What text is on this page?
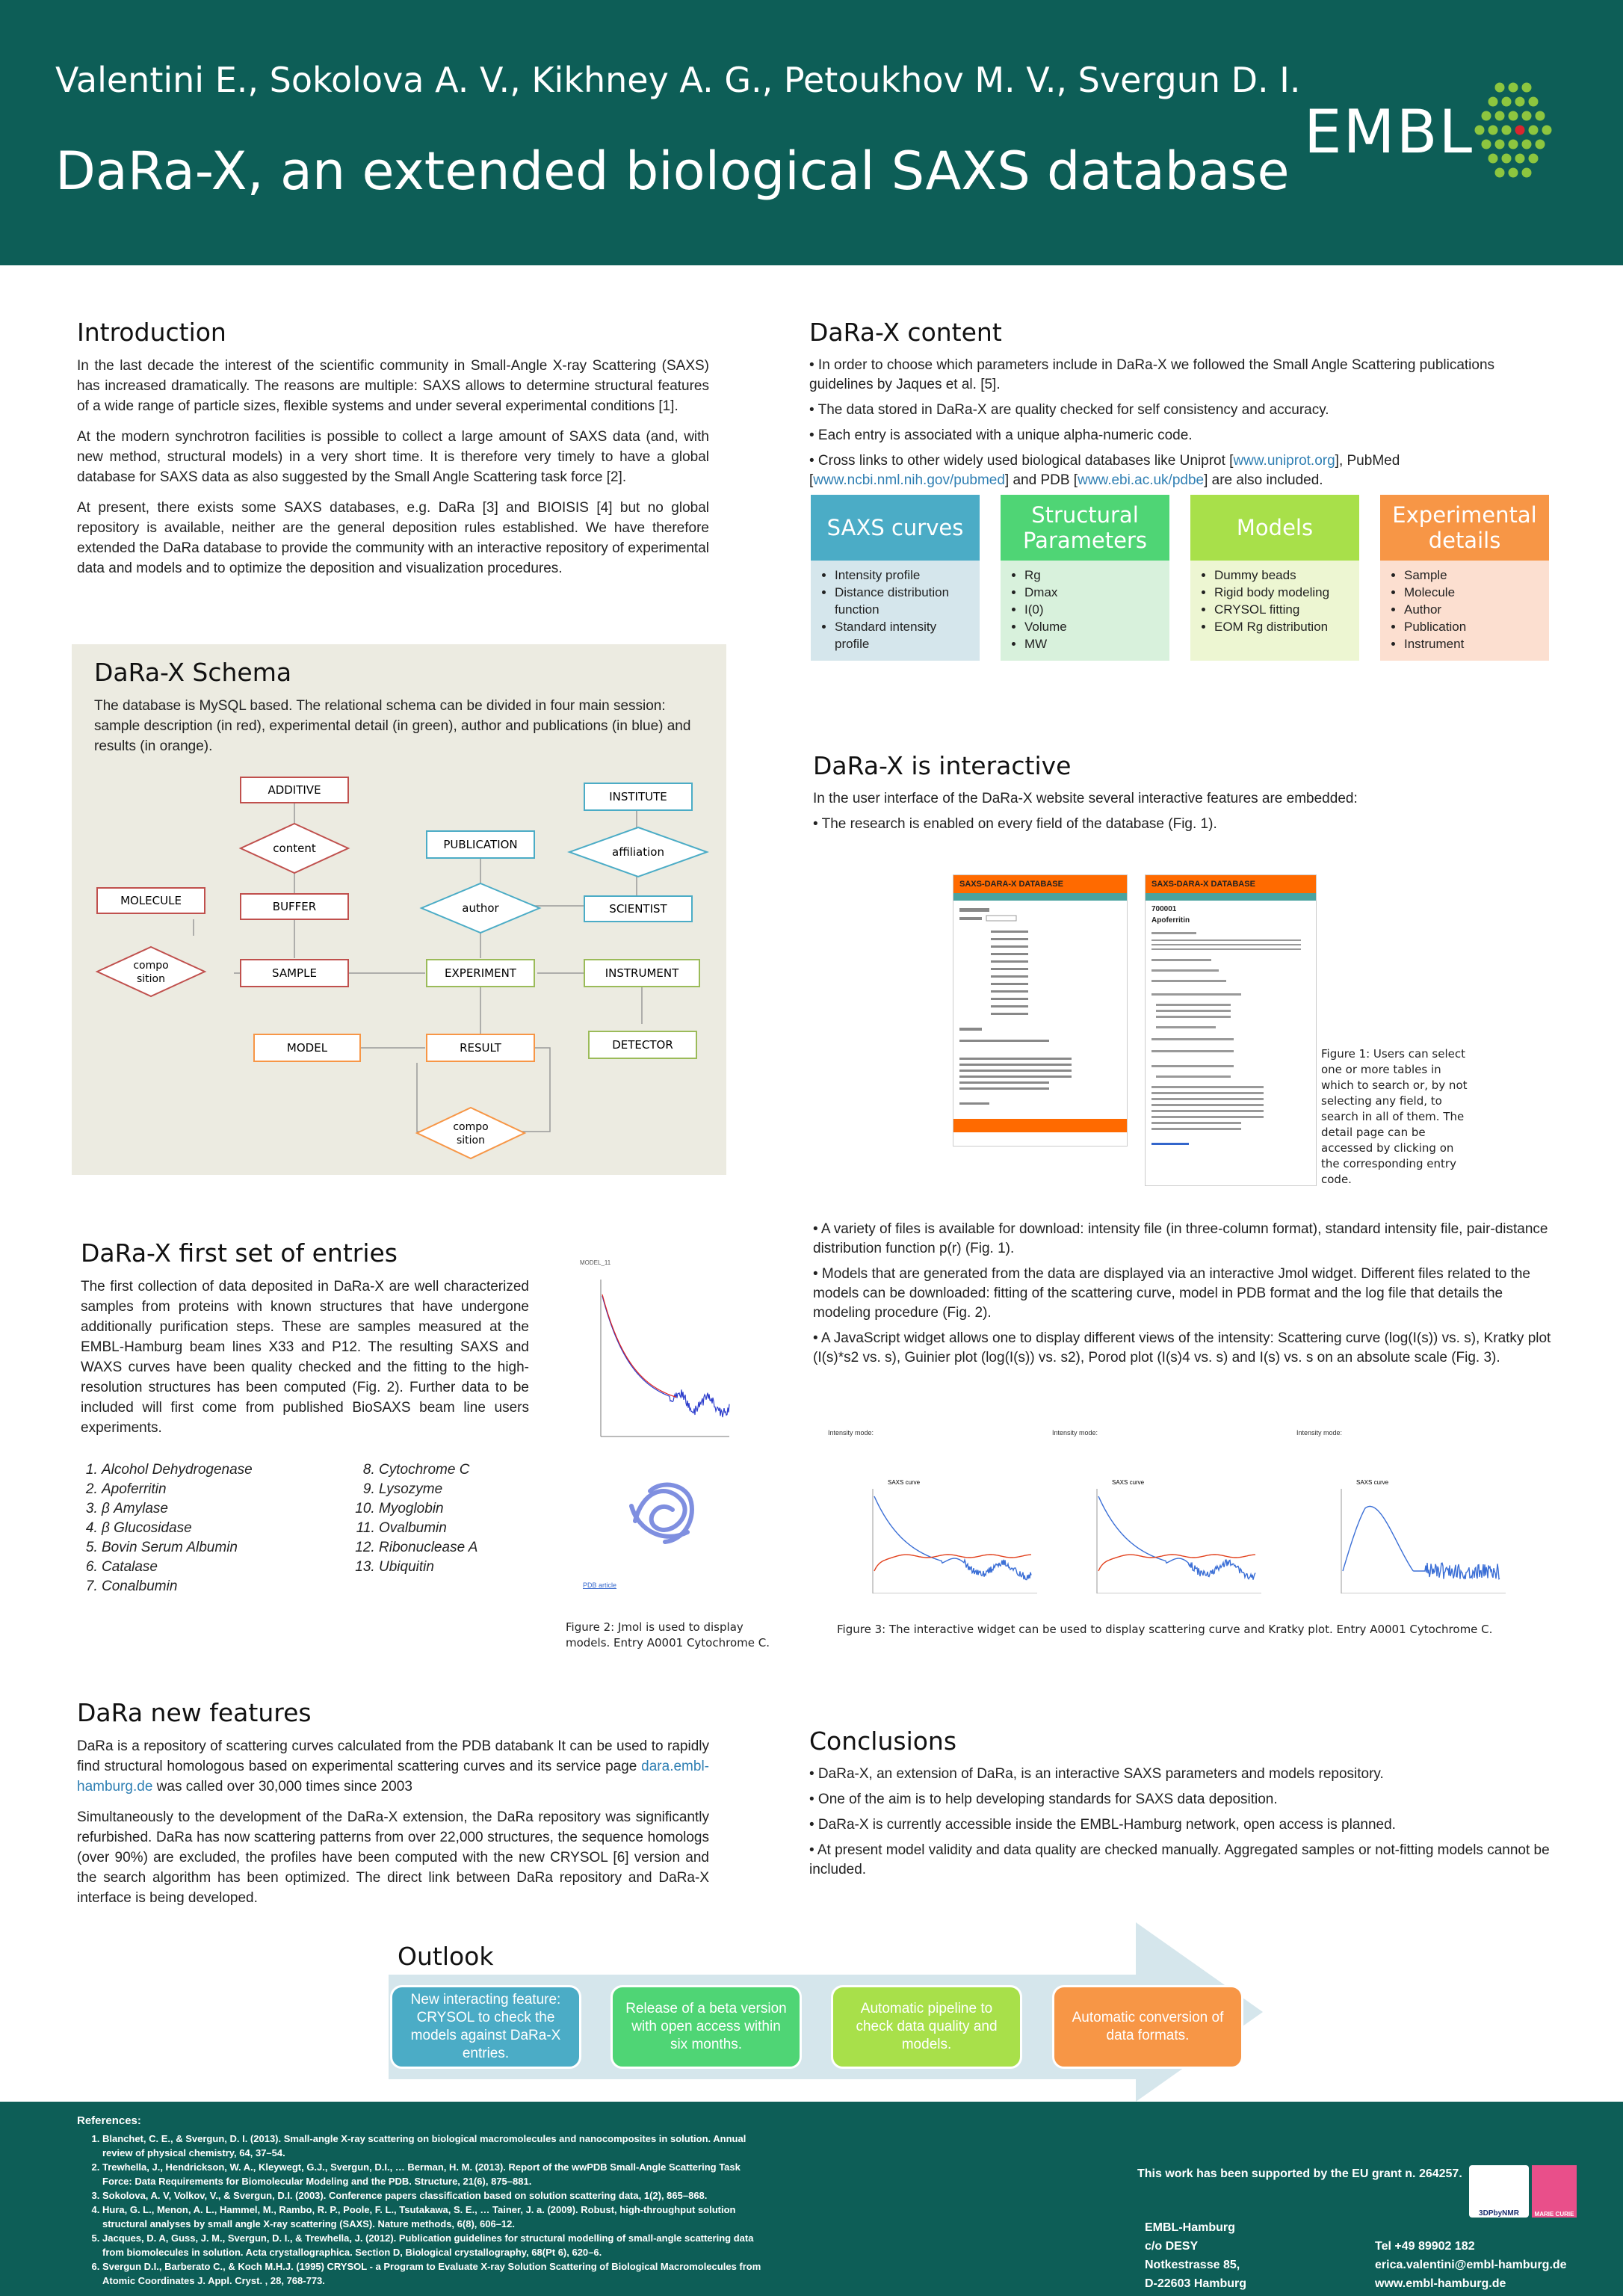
Valentini E., Sokolova A. V., Kikhney A. G., Petoukhov M. V., Svergun D. I.
DaRa-X, an extended biological SAXS database
EMBL
Introduction

In the last decade the interest of the scientific community in Small-Angle X-ray Scattering (SAXS) has increased dramatically. The reasons are multiple: SAXS allows to determine structural features of a wide range of particle sizes, flexible systems and under several experimental conditions [1].

At the modern synchrotron facilities is possible to collect a large amount of SAXS data (and, with new method, structural models) in a very short time. It is therefore very timely to have a global database for SAXS data as also suggested by the Small Angle Scattering task force [2].

At present, there exists some SAXS databases, e.g. DaRa [3] and BIOISIS [4] but no global repository is available, neither are the general deposition rules established. We have therefore extended the DaRa database to provide the community with an interactive repository of experimental data and models and to optimize the deposition and visualization procedures.

DaRa-X content

• In order to choose which parameters include in DaRa-X we followed the Small Angle Scattering publications guidelines by Jaques et al. [5].

• The data stored in DaRa-X are quality checked for self consistency and accuracy.

• Each entry is associated with a unique alpha-numeric code.

• Cross links to other widely used biological databases like Uniprot [www.uniprot.org], PubMed [www.ncbi.nml.nih.gov/pubmed] and PDB [www.ebi.ac.uk/pdbe] are also included.

SAXS curves
• Intensity profile
• Distance distribution function
• Standard intensity profile
Structural Parameters
• Rg
• Dmax
• I(0)
• Volume
• MW
Models
• Dummy beads
• Rigid body modeling
• CRYSOL fitting
• EOM Rg distribution
Experimental details
• Sample
• Molecule
• Author
• Publication
• Instrument
DaRa-X Schema
The database is MySQL based. The relational schema can be divided in four main session: sample description (in red), experimental detail (in green), author and publications (in blue) and results (in orange).
ADDITIVE
content
BUFFER
MOLECULE
compo
sition	SAMPLE
PUBLICATION
author
INSTITUTE
affiliation
SCIENTIST
EXPERIMENT	INSTRUMENT
MODEL	RESULT	DETECTOR
compo
sition
DaRa-X is interactive

In the user interface of the DaRa-X website several interactive features are embedded:

• The research is enabled on every field of the database (Fig. 1).

SAXS-DARA-X DATABASE	SAXS-DARA-X DATABASE
700001
Apoferritin
Figure 1: Users can select one or more tables in which to search or, by not selecting any field, to search in all of them. The detail page can be accessed by clicking on the corresponding entry code.

• A variety of files is available for download: intensity file (in three-column format), standard intensity file, pair-distance distribution function p(r) (Fig. 1).

• Models that are generated from the data are displayed via an interactive Jmol widget. Different files related to the models can be downloaded: fitting of the scattering curve, model in PDB format and the log file that details the modeling procedure (Fig. 2).

• A JavaScript widget allows one to display different views of the intensity: Scattering curve (log(I(s)) vs. s), Kratky plot (I(s)*s2 vs. s), Guinier plot (log(I(s)) vs. s2), Porod plot (I(s)4 vs. s) and I(s) vs. s on an absolute scale (Fig. 3).

Intensity mode:
SAXS curve
Intensity mode:
SAXS curve
Intensity mode:
SAXS curve
Figure 3: The interactive widget can be used to display scattering curve and Kratky plot. Entry A0001 Cytochrome C.
DaRa-X first set of entries

The first collection of data deposited in DaRa-X are well characterized samples from proteins with known structures that have undergone additionally purification steps. These are samples measured at the EMBL-Hamburg beam lines X33 and P12. The resulting SAXS and WAXS curves have been quality checked and the fitting to the high-resolution structures has been computed (Fig. 2). Further data to be included will first come from published BioSAXS beam line users experiments.

1. Alcohol Dehydrogenase
2. Apoferritin
3. β Amylase
4. β Glucosidase
5. Bovin Serum Albumin
6. Catalase
7. Conalbumin
8. Cytochrome C
9. Lysozyme
10. Myoglobin
11. Ovalbumin
12. Ribonuclease A
13. Ubiquitin
MODEL_11
PDB article
Figure 2: Jmol is used to display models. Entry A0001 Cytochrome C.
DaRa new features

DaRa is a repository of scattering curves calculated from the PDB databank It can be used to rapidly find structural homologous based on experimental scattering curves and its service page dara.embl-hamburg.de was called over 30,000 times since 2003

Simultaneously to the development of the DaRa-X extension, the DaRa repository was significantly refurbished. DaRa has now scattering patterns from over 22,000 structures, the sequence homologs (over 90%) are excluded, the profiles have been computed with the new CRYSOL [6] version and the search algorithm has been optimized. The direct link between DaRa repository and DaRa-X interface is being developed.

Conclusions

• DaRa-X, an extension of DaRa, is an interactive SAXS parameters and models repository.

• One of the aim is to help developing standards for SAXS data deposition.

• DaRa-X is currently accessible inside the EMBL-Hamburg network, open access is planned.

• At present model validity and data quality are checked manually. Aggregated samples or not-fitting models cannot be included.

Outlook
New interacting feature: CRYSOL to check the models against DaRa-X entries.
Release of a beta version with open access within six months.
Automatic pipeline to check data quality and models.
Automatic conversion of data formats.
References:
1. Blanchet, C. E., & Svergun, D. I. (2013). Small-angle X-ray scattering on biological macromolecules and nanocomposites in solution. Annual review of physical chemistry, 64, 37–54.
2. Trewhella, J., Hendrickson, W. A., Kleywegt, G.J., Svergun, D.I., … Berman, H. M. (2013). Report of the wwPDB Small-Angle Scattering Task Force: Data Requirements for Biomolecular Modeling and the PDB. Structure, 21(6), 875–881.
3. Sokolova, A. V, Volkov, V., & Svergun, D.I. (2003). Conference papers classification based on solution scattering data, 1(2), 865–868.
4. Hura, G. L., Menon, A. L., Hammel, M., Rambo, R. P., Poole, F. L., Tsutakawa, S. E., … Tainer, J. a. (2009). Robust, high-throughput solution structural analyses by small angle X-ray scattering (SAXS). Nature methods, 6(8), 606–12.
5. Jacques, D. A, Guss, J. M., Svergun, D. I., & Trewhella, J. (2012). Publication guidelines for structural modelling of small-angle scattering data from biomolecules in solution. Acta crystallographica. Section D, Biological crystallography, 68(Pt 6), 620–6.
6. Svergun D.I., Barberato C., & Koch M.H.J. (1995) CRYSOL - a Program to Evaluate X-ray Solution Scattering of Biological Macromolecules from Atomic Coordinates J. Appl. Cryst. , 28, 768-773.
This work has been supported by the EU grant n. 264257.
EMBL-Hamburg
c/o DESY
Notkestrasse 85,
D-22603 Hamburg
Tel +49 89902 182
erica.valentini@embl-hamburg.de
www.embl-hamburg.de
3DPbyNMR	MARIE CURIE
